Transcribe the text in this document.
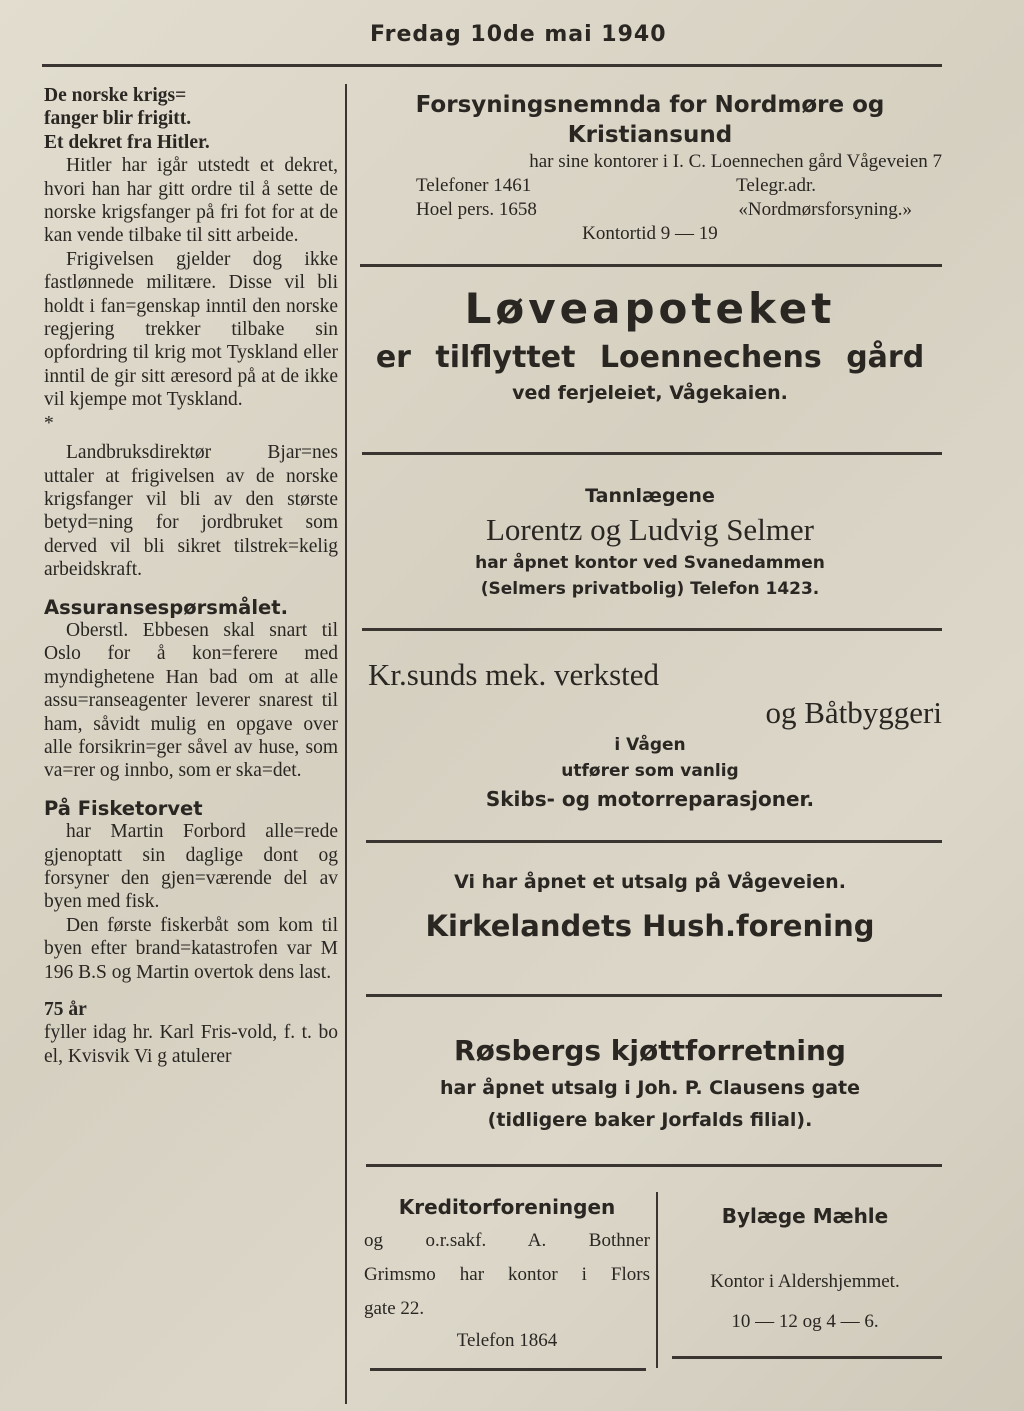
Fredag 10de mai 1940

De norske krigs=

fanger blir frigitt.

Et dekret fra Hitler.

Hitler har igår utstedt et dekret, hvori han har gitt ordre til å sette de norske krigsfanger på fri fot for at de kan vende tilbake til sitt arbeide.

Frigivelsen gjelder dog ikke fastlønnede militære. Disse vil bli holdt i fan=genskap inntil den norske regjering trekker tilbake sin opfordring til krig mot Tyskland eller inntil de gir sitt æresord på at de ikke vil kjempe mot Tyskland.

*

Landbruksdirektør Bjar=nes uttaler at frigivelsen av de norske krigsfanger vil bli av den største betyd=ning for jordbruket som derved vil bli sikret tilstrek=kelig arbeidskraft.

Assuransespørsmålet.

Oberstl. Ebbesen skal snart til Oslo for å kon=ferere med myndighetene Han bad om at alle assu=ranseagenter leverer snarest til ham, såvidt mulig en opgave over alle forsikrin=ger såvel av huse, som va=rer og innbo, som er ska=det.

På Fisketorvet

har Martin Forbord alle=rede gjenoptatt sin daglige dont og forsyner den gjen=værende del av byen med fisk.

Den første fiskerbåt som kom til byen efter brand=katastrofen var M 196 B.S og Martin overtok dens last.

75 år

fyller idag hr. Karl Fris-vold, f. t. bo el, Kvisvik Vi g atulerer

Forsyningsnemnda for Nordmøre og
Kristiansund
har sine kontorer i I. C. Loennechen gård Vågeveien 7
Telefoner 1461	Telegr.adr.
Hoel pers. 1658	«Nordmørsforsyning.»
Kontortid 9 — 19
Løveapoteket
er tilflyttet Loennechens gård
ved ferjeleiet, Vågekaien.
Tannlægene
Lorentz og Ludvig Selmer
har åpnet kontor ved Svanedammen
(Selmers privatbolig) Telefon 1423.
Kr.sunds mek. verksted
og Båtbyggeri
i Vågen
utfører som vanlig
Skibs- og motorreparasjoner.
Vi har åpnet et utsalg på Vågeveien.
Kirkelandets Hush.forening
Røsbergs kjøttforretning
har åpnet utsalg i Joh. P. Clausens gate
(tidligere baker Jorfalds filial).
Kreditorforeningen
og o.r.sakf. A. Bothner
Grimsmo har kontor i Flors
gate 22.
Telefon 1864
Bylæge Mæhle
Kontor i Aldershjemmet.
10 — 12 og 4 — 6.
